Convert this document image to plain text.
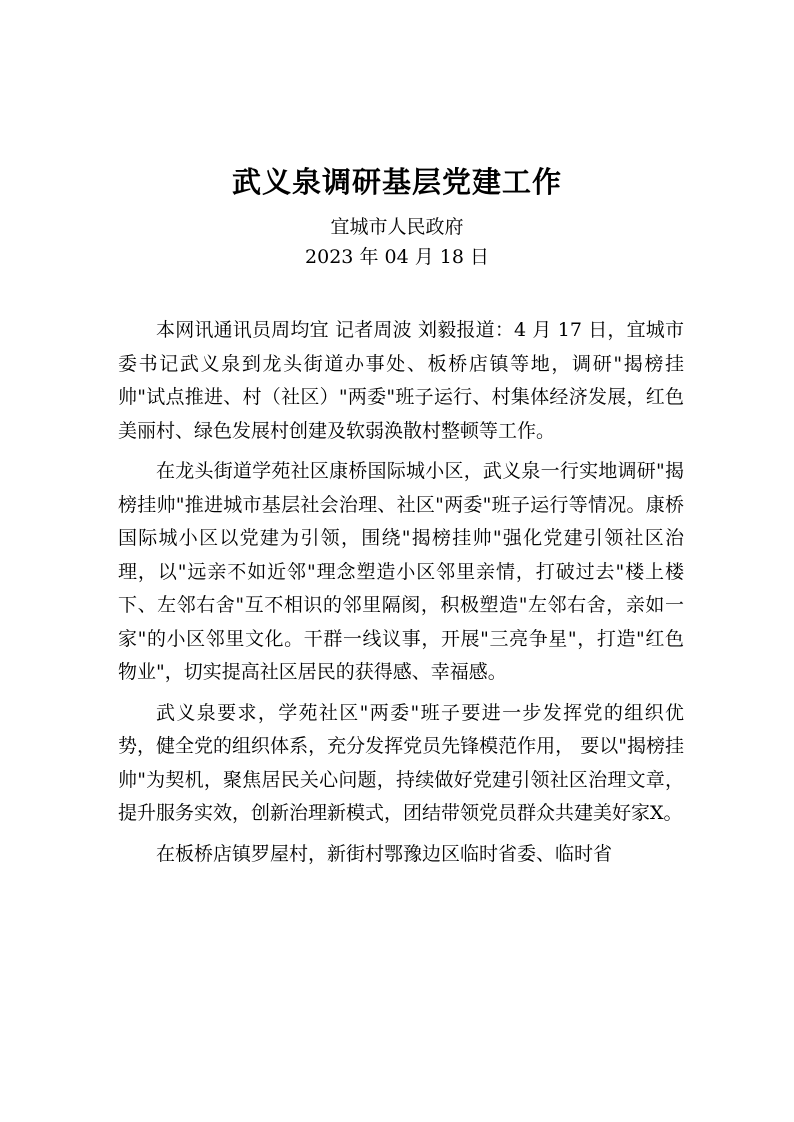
武义泉调研基层党建工作
宜城市人民政府
2023 年 04 月 18 日

本网讯通讯员周均宜 记者周波 刘毅报道：4 月 17 日，宜城市委书记武义泉到龙头街道办事处、板桥店镇等地，调研"揭榜挂帅"试点推进、村（社区）"两委"班子运行、村集体经济发展，红色美丽村、绿色发展村创建及软弱涣散村整顿等工作。

在龙头街道学苑社区康桥国际城小区，武义泉一行实地调研"揭榜挂帅"推进城市基层社会治理、社区"两委"班子运行等情况。康桥国际城小区以党建为引领，围绕"揭榜挂帅"强化党建引领社区治理，以"远亲不如近邻"理念塑造小区邻里亲情，打破过去"楼上楼下、左邻右舍"互不相识的邻里隔阂，积极塑造"左邻右舍，亲如一家"的小区邻里文化。干群一线议事，开展"三亮争星"，打造"红色物业"，切实提高社区居民的获得感、幸福感。

武义泉要求，学苑社区"两委"班子要进一步发挥党的组织优势，健全党的组织体系，充分发挥党员先锋模范作用， 要以"揭榜挂帅"为契机，聚焦居民关心问题，持续做好党建引领社区治理文章，提升服务实效，创新治理新模式，团结带领党员群众共建美好家X。

在板桥店镇罗屋村，新街村鄂豫边区临时省委、临时省
